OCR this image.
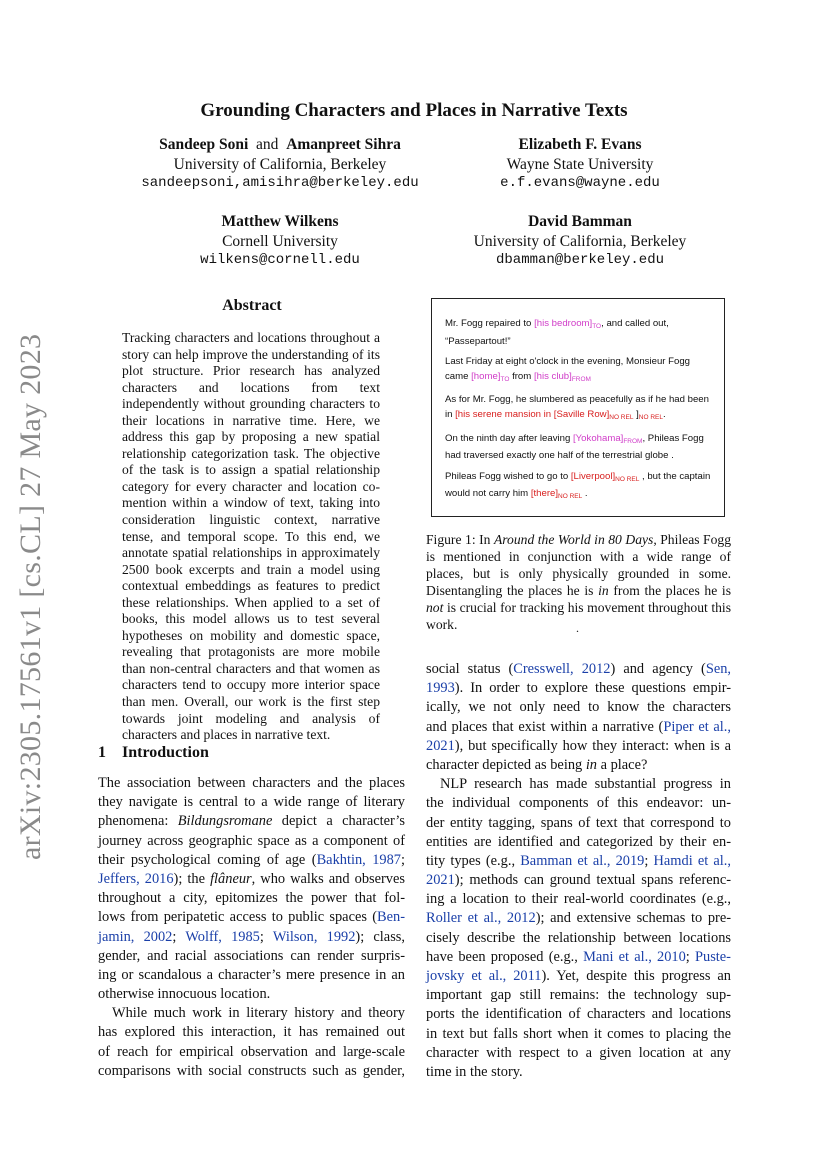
Grounding Characters and Places in Narrative Texts
Sandeep Soni and Amanpreet Sihra
University of California, Berkeley
sandeepsoni,amisihra@berkeley.edu
Elizabeth F. Evans
Wayne State University
e.f.evans@wayne.edu
Matthew Wilkens
Cornell University
wilkens@cornell.edu
David Bamman
University of California, Berkeley
dbamman@berkeley.edu
arXiv:2305.17561v1 [cs.CL] 27 May 2023
Abstract
Tracking characters and locations throughout a story can help improve the understanding of its plot structure. Prior research has analyzed characters and locations from text independently without grounding characters to their locations in narrative time. Here, we address this gap by proposing a new spatial relationship categorization task. The objective of the task is to assign a spatial relationship category for every character and location co-mention within a window of text, taking into consideration linguistic context, narrative tense, and temporal scope. To this end, we annotate spatial relationships in approximately 2500 book excerpts and train a model using contextual embeddings as features to predict these relationships. When applied to a set of books, this model allows us to test several hypotheses on mobility and domestic space, revealing that protagonists are more mobile than non-central characters and that women as characters tend to occupy more interior space than men. Overall, our work is the first step towards joint modeling and analysis of characters and places in narrative text.
1 Introduction
The association between characters and the places
they navigate is central to a wide range of literary
phenomena: Bildungsromane depict a character’s
journey across geographic space as a component of
their psychological coming of age (Bakhtin, 1987;
Jeffers, 2016); the flâneur, who walks and observes
throughout a city, epitomizes the power that fol-
lows from peripatetic access to public spaces (Ben-
jamin, 2002; Wolff, 1985; Wilson, 1992); class,
gender, and racial associations can render surpris-
ing or scandalous a character’s mere presence in an
otherwise innocuous location.
While much work in literary history and theory
has explored this interaction, it has remained out
of reach for empirical observation and large-scale
comparisons with social constructs such as gender,
social status (Cresswell, 2012) and agency (Sen,
1993). In order to explore these questions empir-
ically, we not only need to know the characters
and places that exist within a narrative (Piper et al.,
2021), but specifically how they interact: when is a
character depicted as being in a place?
NLP research has made substantial progress in
the individual components of this endeavor: un-
der entity tagging, spans of text that correspond to
entities are identified and categorized by their en-
tity types (e.g., Bamman et al., 2019; Hamdi et al.,
2021); methods can ground textual spans referenc-
ing a location to their real-world coordinates (e.g.,
Roller et al., 2012); and extensive schemas to pre-
cisely describe the relationship between locations
have been proposed (e.g., Mani et al., 2010; Puste-
jovsky et al., 2011). Yet, despite this progress an
important gap still remains: the technology sup-
ports the identification of characters and locations
in text but falls short when it comes to placing the
character with respect to a given location at any
time in the story.
Mr. Fogg repaired to [his $bedroom]_{TO}$, and called out, “Passepartout!”
Last Friday at eight o'clock in the evening, Monsieur Fogg came $[home]_{TO}$ from [his $club]_{FROM}$
As for Mr. Fogg, he slumbered as peacefully as if he had been in [his serene mansion in [Saville $Row]_{NO REL}$ ]$_{NO REL}$.
On the ninth day after leaving $[Yokohama]_{FROM}$, Phileas Fogg had traversed exactly one half of the terrestrial globe .
Phileas Fogg wished to go to $[Liverpool]_{NO REL}$ , but the captain would not carry him $[there]_{NO REL}$ .
Figure 1: In Around the World in 80 Days, Phileas Fogg is mentioned in conjunction with a wide range of places, but is only physically grounded in some. Disentangling the places he is in from the places he is not is crucial for tracking his movement throughout this work.	.
